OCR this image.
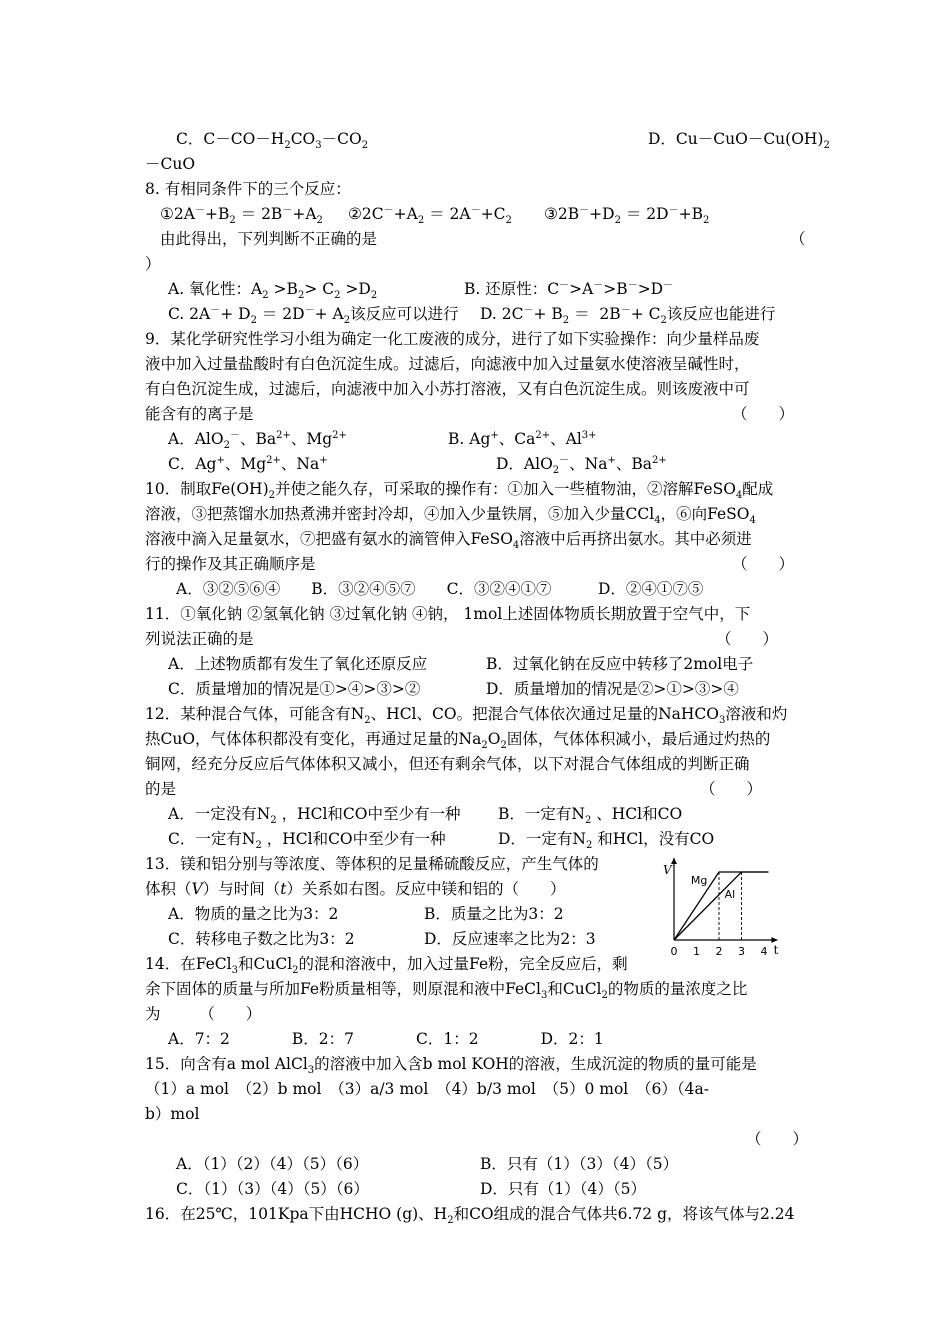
C．$C-CO-H_2CO_3-CO_2$	D．$Cu-CuO-Cu(OH)_2$
－CuO
8. 有相同条件下的三个反应：
$①2A^-+B_2 = 2B^-+A_2$ $②2C^-+A_2 = 2A^-+C_2$ $③2B^-+D_2 = 2D^-+B_2$
由此得出，下列判断不正确的是	（
）
A. 氧化性：$A_2 >B_2> C_2 >D_2$	B. 还原性：C－>A－>B－>D－
C. $2A^-+ D_2 = 2D^-+ A_2$该反应可以进行 D. $2C^-+ B_2 = 2B^-+ C_2$该反应也能进行
9．某化学研究性学习小组为确定一化工废液的成分，进行了如下实验操作：向少量样品废
液中加入过量盐酸时有白色沉淀生成。过滤后，向滤液中加入过量氨水使溶液呈碱性时，
有白色沉淀生成，过滤后，向滤液中加入小苏打溶液，又有白色沉淀生成。则该废液中可
能含有的离子是	（　　）
A．AlO$_2$－、$Ba^{2+}$、$Mg^{2+}$	B. Ag+、$Ca^{2+}$、$Al^{3+}$
C．Ag+、$Mg^{2+}$、Na+	D．AlO$_2$－、Na+、$Ba^{2+}$
10．制取$Fe(OH)_2$并使之能久存，可采取的操作有：①加入一些植物油，②溶解FeSO$_4$配成
溶液，③把蒸馏水加热煮沸并密封冷却，④加入少量铁屑，⑤加入少量CCl$_4$，⑥向FeSO$_4$
溶液中滴入足量氨水，⑦把盛有氨水的滴管伸入FeSO$_4$溶液中后再挤出氨水。其中必须进
行的操作及其正确顺序是	（　　）
A．③②⑤⑥④　　B．③②④⑤⑦　　C．③②④①⑦　　　D．②④①⑦⑤
11．①氧化钠 ②氢氧化钠 ③过氧化钠 ④钠， 1mol上述固体物质长期放置于空气中，下
列说法正确的是	（　　）
A．上述物质都有发生了氧化还原反应	B．过氧化钠在反应中转移了2mol电子
C．质量增加的情况是①>④>③>②	D．质量增加的情况是②>①>③>④
12．某种混合气体，可能含有$N_2$、HCl、CO。把混合气体依次通过足量的NaHCO$_3$溶液和灼
热CuO，气体体积都没有变化，再通过足量的$Na_2O_2$固体，气体体积减小，最后通过灼热的
铜网，经充分反应后气体体积又减小，但还有剩余气体，以下对混合气体组成的判断正确
的是	（　　）
A．一定没有$N_2$ ，HCl和CO中至少有一种 B．一定有$N_2$ 、HCl和CO
C．一定有$N_2$ ，HCl和CO中至少有一种	D．一定有$N_2$ 和HCl，没有CO
13．镁和铝分别与等浓度、等体积的足量稀硫酸反应，产生气体的
体积（V）与时间（t）关系如右图。反应中镁和铝的（　　）
A．物质的量之比为3：2	B．质量之比为3：2
C．转移电子数之比为3：2	D．反应速率之比为2：3
V
t
0 1 2 3 4
Mg
Al
14．在FeCl$_3$和CuCl$_2$的混和溶液中，加入过量Fe粉，完全反应后，剩
余下固体的质量与所加Fe粉质量相等，则原混和液中FeCl$_3$和CuCl$_2$的物质的量浓度之比
为　　　（　　）
A．7：2　　　　B．2：7　　　　C．1：2　　　　D．2：1
15．向含有a mol AlCl$_3$的溶液中加入含b mol KOH的溶液，生成沉淀的物质的量可能是
（1）a mol　（2）b mol　（3）a/3 mol　（4）b/3 mol　（5）0 mol　（6）（4a-
b）mol
（　　）
A．（1）（2）（4）（5）（6）	B．只有（1）（3）（4）（5）
C．（1）（3）（4）（5）（6）	D．只有（1）（4）（5）
16．在25℃，101Kpa下由HCHO (g)、$H_2$和CO组成的混合气体共6.72 g，将该气体与2.24
